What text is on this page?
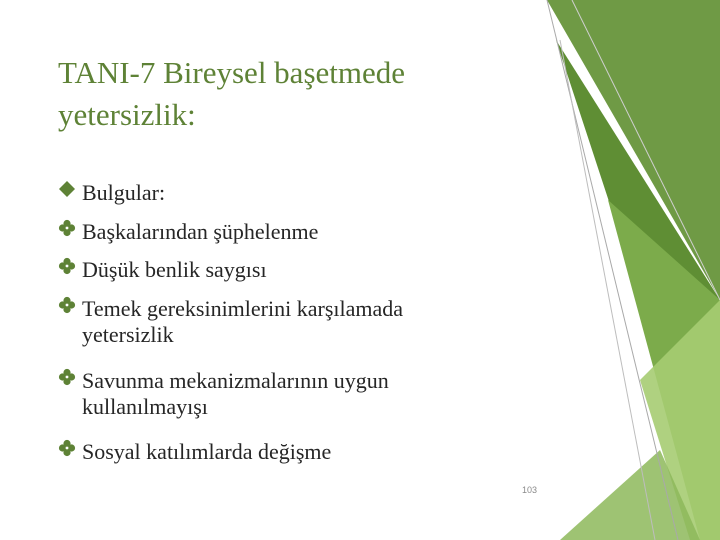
TANI-7 Bireysel başetmede yetersizlik:
Bulgular:
Başkalarından şüphelenme
Düşük benlik saygısı
Temek gereksinimlerini karşılamada
yetersizlik
Savunma mekanizmalarının uygun
kullanılmayışı
Sosyal katılımlarda değişme
103
